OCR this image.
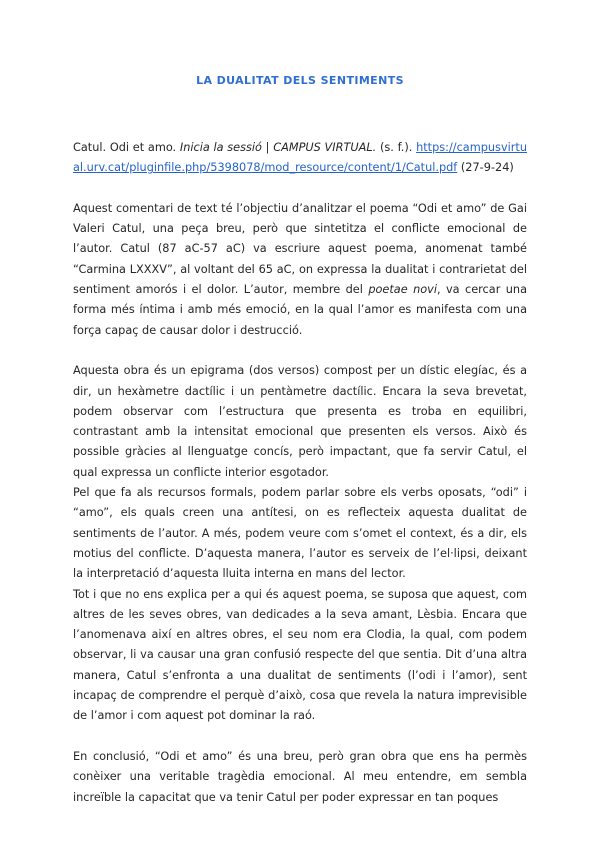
LA DUALITAT DELS SENTIMENTS

Catul. Odi et amo. Inicia la sessió | CAMPUS VIRTUAL. (s. f.). https://campusvirtual.urv.cat/pluginfile.php/5398078/mod_resource/content/1/Catul.pdf (27-9-24)

Aquest comentari de text té l’objectiu d’analitzar el poema “Odi et amo” de Gai Valeri Catul, una peça breu, però que sintetitza el conflicte emocional de l’autor. Catul (87 aC-57 aC) va escriure aquest poema, anomenat també “Carmina LXXXV”, al voltant del 65 aC, on expressa la dualitat i contrarietat del sentiment amorós i el dolor. L’autor, membre del poetae novi, va cercar una forma més íntima i amb més emoció, en la qual l’amor es manifesta com una força capaç de causar dolor i destrucció.

Aquesta obra és un epigrama (dos versos) compost per un dístic elegíac, és a dir, un hexàmetre dactílic i un pentàmetre dactílic. Encara la seva brevetat, podem observar com l’estructura que presenta es troba en equilibri, contrastant amb la intensitat emocional que presenten els versos. Això és possible gràcies al llenguatge concís, però impactant, que fa servir Catul, el qual expressa un conflicte interior esgotador.

Pel que fa als recursos formals, podem parlar sobre els verbs oposats, “odi” i “amo”, els quals creen una antítesi, on es reflecteix aquesta dualitat de sentiments de l’autor. A més, podem veure com s’omet el context, és a dir, els motius del conflicte. D’aquesta manera, l’autor es serveix de l’el·lipsi, deixant la interpretació d’aquesta lluita interna en mans del lector.

Tot i que no ens explica per a qui és aquest poema, se suposa que aquest, com altres de les seves obres, van dedicades a la seva amant, Lèsbia. Encara que l’anomenava així en altres obres, el seu nom era Clodia, la qual, com podem observar, li va causar una gran confusió respecte del que sentia. Dit d’una altra manera, Catul s’enfronta a una dualitat de sentiments (l’odi i l’amor), sent incapaç de comprendre el perquè d’això, cosa que revela la natura imprevisible de l’amor i com aquest pot dominar la raó.

En conclusió, “Odi et amo” és una breu, però gran obra que ens ha permès conèixer una veritable tragèdia emocional. Al meu entendre, em sembla increïble la capacitat que va tenir Catul per poder expressar en tan poques
